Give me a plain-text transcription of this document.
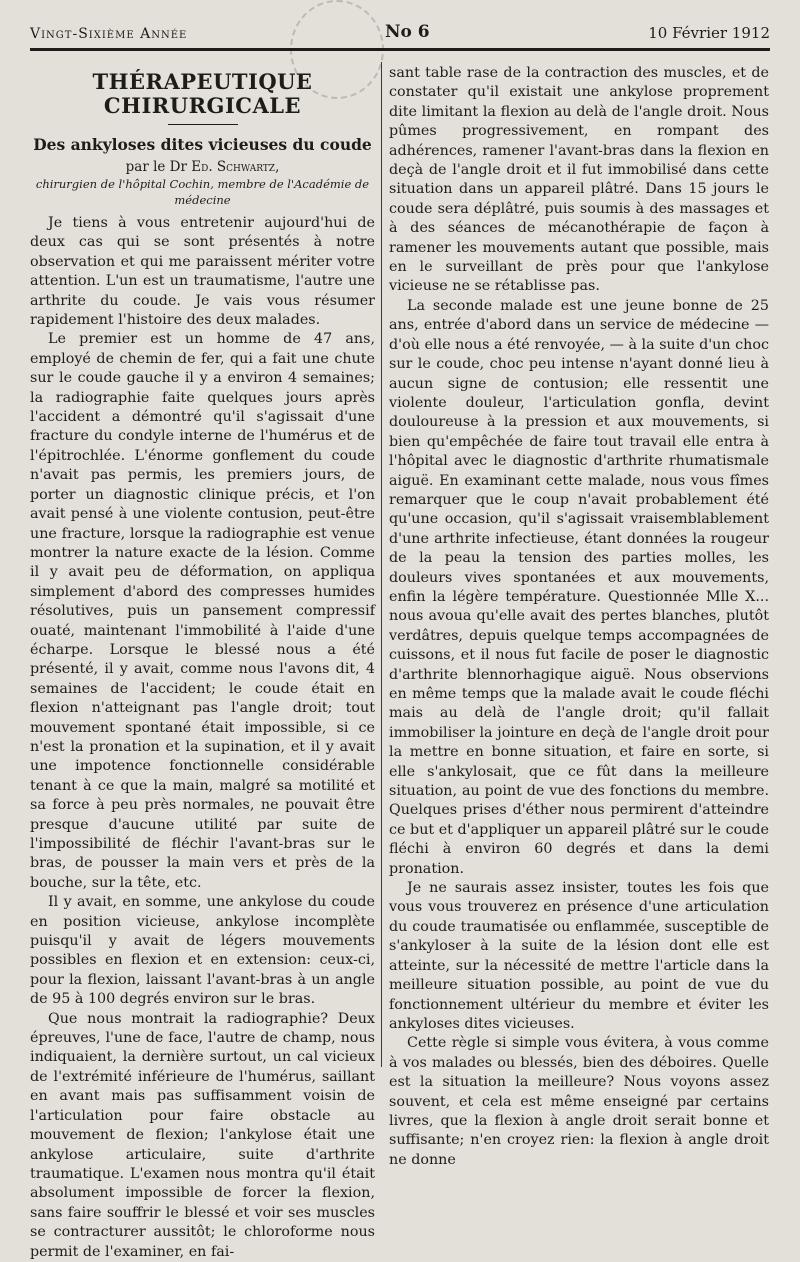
Vingt-Sixième Année	No 6	10 Février 1912
THÉRAPEUTIQUE CHIRURGICALE
Des ankyloses dites vicieuses du coude
par le Dr Ed. Schwartz,
chirurgien de l'hôpital Cochin, membre de l'Académie de médecine

Je tiens à vous entretenir aujourd'hui de deux cas qui se sont présentés à notre observation et qui me paraissent mériter votre attention. L'un est un traumatisme, l'autre une arthrite du coude. Je vais vous résumer rapidement l'histoire des deux malades.

Le premier est un homme de 47 ans, employé de chemin de fer, qui a fait une chute sur le coude gauche il y a environ 4 semaines; la radiographie faite quelques jours après l'accident a démontré qu'il s'agissait d'une fracture du condyle interne de l'humérus et de l'épitrochlée. L'énorme gonflement du coude n'avait pas permis, les premiers jours, de porter un diagnostic clinique précis, et l'on avait pensé à une violente contusion, peut-être une fracture, lorsque la radiographie est venue montrer la nature exacte de la lésion. Comme il y avait peu de déformation, on appliqua simplement d'abord des compresses humides résolutives, puis un pansement compressif ouaté, maintenant l'immobilité à l'aide d'une écharpe. Lorsque le blessé nous a été présenté, il y avait, comme nous l'avons dit, 4 semaines de l'accident; le coude était en flexion n'atteignant pas l'angle droit; tout mouvement spontané était impossible, si ce n'est la pronation et la supination, et il y avait une impotence fonctionnelle considérable tenant à ce que la main, malgré sa motilité et sa force à peu près normales, ne pouvait être presque d'aucune utilité par suite de l'impossibilité de fléchir l'avant-bras sur le bras, de pousser la main vers et près de la bouche, sur la tête, etc.

Il y avait, en somme, une ankylose du coude en position vicieuse, ankylose incomplète puisqu'il y avait de légers mouvements possibles en flexion et en extension: ceux-ci, pour la flexion, laissant l'avant-bras à un angle de 95 à 100 degrés environ sur le bras.

Que nous montrait la radiographie? Deux épreuves, l'une de face, l'autre de champ, nous indiquaient, la dernière surtout, un cal vicieux de l'extrémité inférieure de l'humérus, saillant en avant mais pas suffisamment voisin de l'articulation pour faire obstacle au mouvement de flexion; l'ankylose était une ankylose articulaire, suite d'arthrite traumatique. L'examen nous montra qu'il était absolument impossible de forcer la flexion, sans faire souffrir le blessé et voir ses muscles se contracturer aussitôt; le chloroforme nous permit de l'examiner, en fai-

sant table rase de la contraction des muscles, et de constater qu'il existait une ankylose proprement dite limitant la flexion au delà de l'angle droit. Nous pûmes progressivement, en rompant des adhérences, ramener l'avant-bras dans la flexion en deçà de l'angle droit et il fut immobilisé dans cette situation dans un appareil plâtré. Dans 15 jours le coude sera déplâtré, puis soumis à des massages et à des séances de mécanothérapie de façon à ramener les mouvements autant que possible, mais en le surveillant de près pour que l'ankylose vicieuse ne se rétablisse pas.

La seconde malade est une jeune bonne de 25 ans, entrée d'abord dans un service de médecine — d'où elle nous a été renvoyée, — à la suite d'un choc sur le coude, choc peu intense n'ayant donné lieu à aucun signe de contusion; elle ressentit une violente douleur, l'articulation gonfla, devint douloureuse à la pression et aux mouvements, si bien qu'empêchée de faire tout travail elle entra à l'hôpital avec le diagnostic d'arthrite rhumatismale aiguë. En examinant cette malade, nous vous fîmes remarquer que le coup n'avait probablement été qu'une occasion, qu'il s'agissait vraisemblablement d'une arthrite infectieuse, étant données la rougeur de la peau la tension des parties molles, les douleurs vives spontanées et aux mouvements, enfin la légère température. Questionnée Mlle X... nous avoua qu'elle avait des pertes blanches, plutôt verdâtres, depuis quelque temps accompagnées de cuissons, et il nous fut facile de poser le diagnostic d'arthrite blennorhagique aiguë. Nous observions en même temps que la malade avait le coude fléchi mais au delà de l'angle droit; qu'il fallait immobiliser la jointure en deçà de l'angle droit pour la mettre en bonne situation, et faire en sorte, si elle s'ankylosait, que ce fût dans la meilleure situation, au point de vue des fonctions du membre. Quelques prises d'éther nous permirent d'atteindre ce but et d'appliquer un appareil plâtré sur le coude fléchi à environ 60 degrés et dans la demi pronation.

Je ne saurais assez insister, toutes les fois que vous vous trouverez en présence d'une articulation du coude traumatisée ou enflammée, susceptible de s'ankyloser à la suite de la lésion dont elle est atteinte, sur la nécessité de mettre l'article dans la meilleure situation possible, au point de vue du fonctionnement ultérieur du membre et éviter les ankyloses dites vicieuses.

Cette règle si simple vous évitera, à vous comme à vos malades ou blessés, bien des déboires. Quelle est la situation la meilleure? Nous voyons assez souvent, et cela est même enseigné par certains livres, que la flexion à angle droit serait bonne et suffisante; n'en croyez rien: la flexion à angle droit ne donne
